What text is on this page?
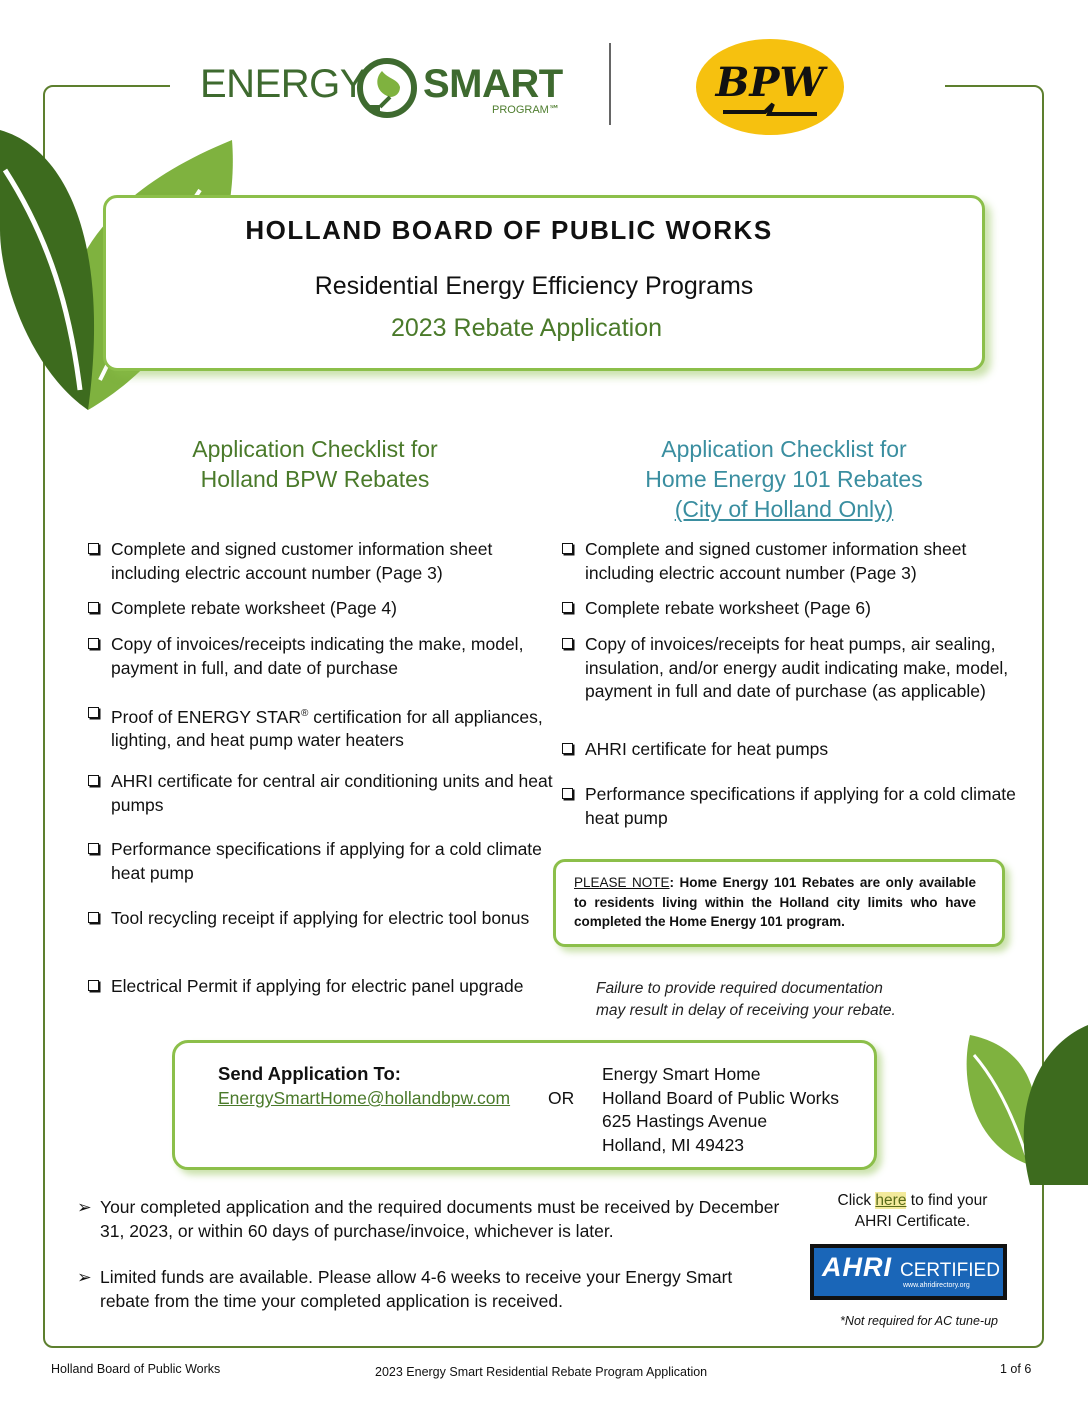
ENERGY SMART
PROGRAM℠
BPW
HOLLAND BOARD OF PUBLIC WORKS
Residential Energy Efficiency Programs
2023 Rebate Application
Application Checklist for
Holland BPW Rebates
Application Checklist for
Home Energy 101 Rebates
(City of Holland Only)
Complete and signed customer information sheet including electric account number (Page 3)
Complete rebate worksheet (Page 4)
Copy of invoices/receipts indicating the make, model, payment in full, and date of purchase
Proof of ENERGY STAR® certification for all appliances, lighting, and heat pump water heaters
AHRI certificate for central air conditioning units and heat pumps
Performance specifications if applying for a cold climate heat pump
Tool recycling receipt if applying for electric tool bonus
Electrical Permit if applying for electric panel upgrade
Complete and signed customer information sheet including electric account number (Page 3)
Complete rebate worksheet (Page 6)
Copy of invoices/receipts for heat pumps, air sealing, insulation, and/or energy audit indicating make, model, payment in full and date of purchase (as applicable)
AHRI certificate for heat pumps
Performance specifications if applying for a cold climate heat pump
PLEASE NOTE: Home Energy 101 Rebates are only available to residents living within the Holland city limits who have completed the Home Energy 101 program.
Failure to provide required documentation
may result in delay of receiving your rebate.
Send Application To:
EnergySmartHome@hollandbpw.com OR
Energy Smart Home
Holland Board of Public Works
625 Hastings Avenue
Holland, MI 49423
➢ Your completed application and the required documents must be received by December 31, 2023, or within 60 days of purchase/invoice, whichever is later.
➢ Limited funds are available. Please allow 4-6 weeks to receive your Energy Smart rebate from the time your completed application is received.
Click here to find your AHRI Certificate.
AHRI CERTIFIED
www.ahridirectory.org
*Not required for AC tune-up
Holland Board of Public Works	2023 Energy Smart Residential Rebate Program Application	1 of 6
